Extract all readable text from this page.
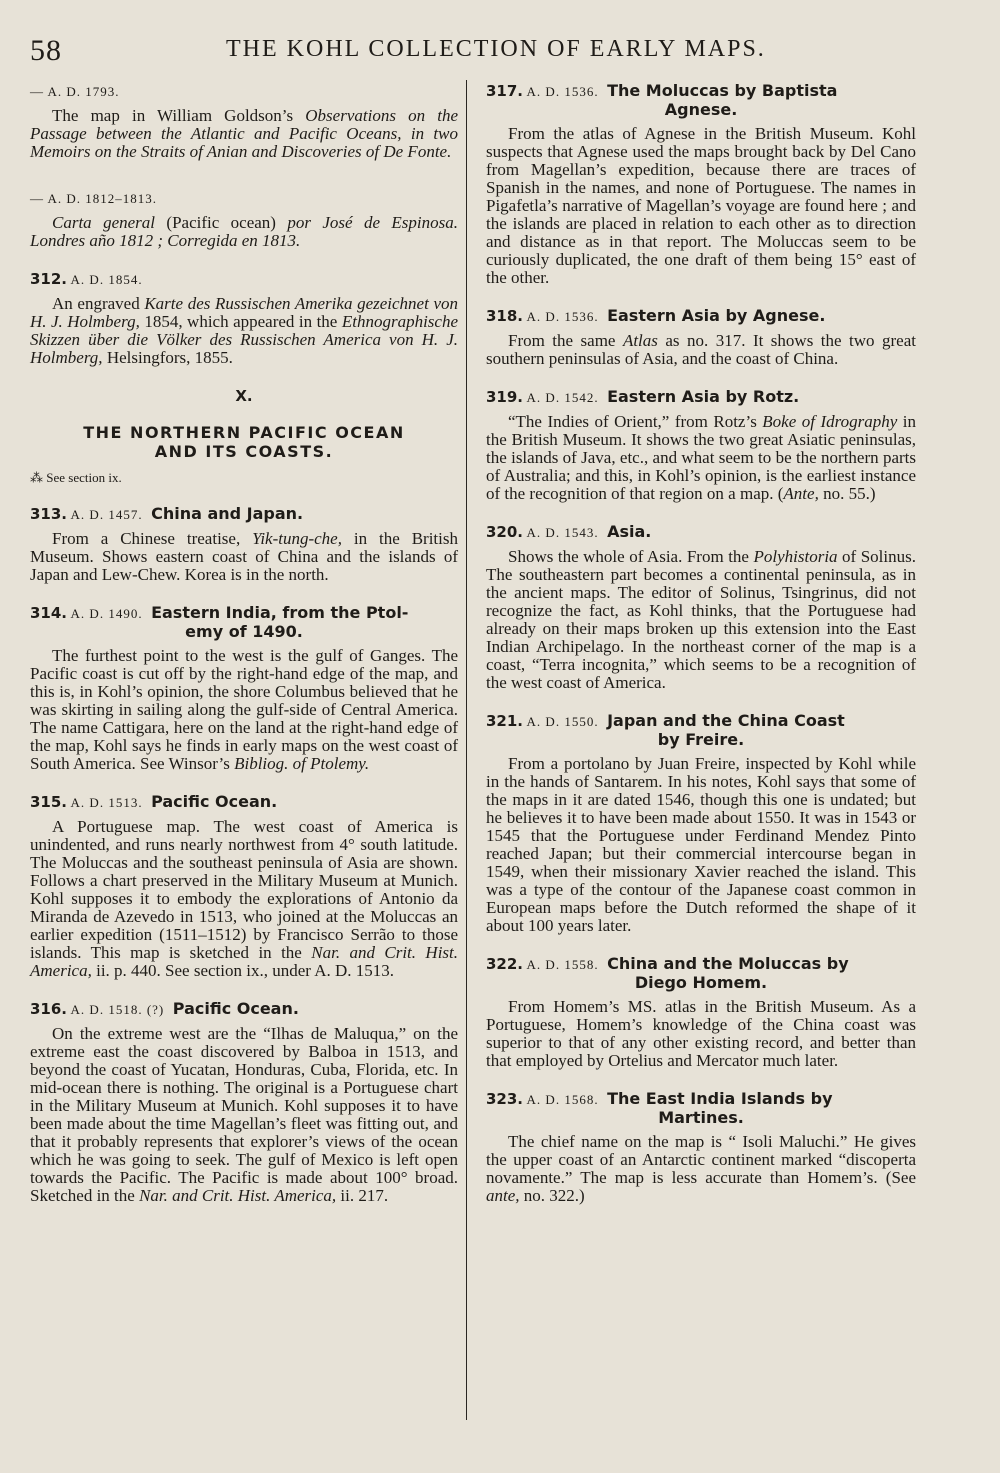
58	THE KOHL COLLECTION OF EARLY MAPS.
— A. D. 1793.

The map in William Goldson’s Observations on the Passage between the Atlantic and Pacific Oceans, in two Memoirs on the Straits of Anian and Discoveries of De Fonte.

— A. D. 1812–1813.

Carta general (Pacific ocean) por José de Espinosa. Londres año 1812 ; Corregida en 1813.

312. A. D. 1854.

An engraved Karte des Russischen Amerika gezeichnet von H. J. Holmberg, 1854, which appeared in the Ethnographische Skizzen über die Völker des Russischen America von H. J. Holmberg, Helsingfors, 1855.

X.
THE NORTHERN PACIFIC OCEAN
AND ITS COASTS.
⁂ See section ix.
313. A. D. 1457. China and Japan.

From a Chinese treatise, Yik-tung-che, in the British Museum. Shows eastern coast of China and the islands of Japan and Lew-Chew. Korea is in the north.

314. A. D. 1490. Eastern India, from the Ptol-
emy of 1490.

The furthest point to the west is the gulf of Ganges. The Pacific coast is cut off by the right-hand edge of the map, and this is, in Kohl’s opinion, the shore Columbus believed that he was skirting in sailing along the gulf-side of Central America. The name Cattigara, here on the land at the right-hand edge of the map, Kohl says he finds in early maps on the west coast of South America. See Winsor’s Bibliog. of Ptolemy.

315. A. D. 1513. Pacific Ocean.

A Portuguese map. The west coast of America is unindented, and runs nearly northwest from 4° south latitude. The Moluccas and the southeast peninsula of Asia are shown. Follows a chart preserved in the Military Museum at Munich. Kohl supposes it to embody the explorations of Antonio da Miranda de Azevedo in 1513, who joined at the Moluccas an earlier expedition (1511–1512) by Francisco Serrão to those islands. This map is sketched in the Nar. and Crit. Hist. America, ii. p. 440. See section ix., under A. D. 1513.

316. A. D. 1518. (?) Pacific Ocean.

On the extreme west are the “Ilhas de Maluqua,” on the extreme east the coast discovered by Balboa in 1513, and beyond the coast of Yucatan, Honduras, Cuba, Florida, etc. In mid-ocean there is nothing. The original is a Portuguese chart in the Military Museum at Munich. Kohl supposes it to have been made about the time Magellan’s fleet was fitting out, and that it probably represents that explorer’s views of the ocean which he was going to seek. The gulf of Mexico is left open towards the Pacific. The Pacific is made about 100° broad. Sketched in the Nar. and Crit. Hist. America, ii. 217.

317. A. D. 1536. The Moluccas by Baptista
Agnese.

From the atlas of Agnese in the British Museum. Kohl suspects that Agnese used the maps brought back by Del Cano from Magellan’s expedition, because there are traces of Spanish in the names, and none of Portuguese. The names in Pigafetla’s narrative of Magellan’s voyage are found here ; and the islands are placed in relation to each other as to direction and distance as in that report. The Moluccas seem to be curiously duplicated, the one draft of them being 15° east of the other.

318. A. D. 1536. Eastern Asia by Agnese.

From the same Atlas as no. 317. It shows the two great southern peninsulas of Asia, and the coast of China.

319. A. D. 1542. Eastern Asia by Rotz.

“The Indies of Orient,” from Rotz’s Boke of Idrography in the British Museum. It shows the two great Asiatic peninsulas, the islands of Java, etc., and what seem to be the northern parts of Australia; and this, in Kohl’s opinion, is the earliest instance of the recognition of that region on a map. (Ante, no. 55.)

320. A. D. 1543. Asia.

Shows the whole of Asia. From the Polyhistoria of Solinus. The southeastern part becomes a continental peninsula, as in the ancient maps. The editor of Solinus, Tsingrinus, did not recognize the fact, as Kohl thinks, that the Portuguese had already on their maps broken up this extension into the East Indian Archipelago. In the northeast corner of the map is a coast, “Terra incognita,” which seems to be a recognition of the west coast of America.

321. A. D. 1550. Japan and the China Coast
by Freire.

From a portolano by Juan Freire, inspected by Kohl while in the hands of Santarem. In his notes, Kohl says that some of the maps in it are dated 1546, though this one is undated; but he believes it to have been made about 1550. It was in 1543 or 1545 that the Portuguese under Ferdinand Mendez Pinto reached Japan; but their commercial intercourse began in 1549, when their missionary Xavier reached the island. This was a type of the contour of the Japanese coast common in European maps before the Dutch reformed the shape of it about 100 years later.

322. A. D. 1558. China and the Moluccas by
Diego Homem.

From Homem’s MS. atlas in the British Museum. As a Portuguese, Homem’s knowledge of the China coast was superior to that of any other existing record, and better than that employed by Ortelius and Mercator much later.

323. A. D. 1568. The East India Islands by
Martines.

The chief name on the map is “ Isoli Maluchi.” He gives the upper coast of an Antarctic continent marked “discoperta novamente.” The map is less accurate than Homem’s. (See ante, no. 322.)
